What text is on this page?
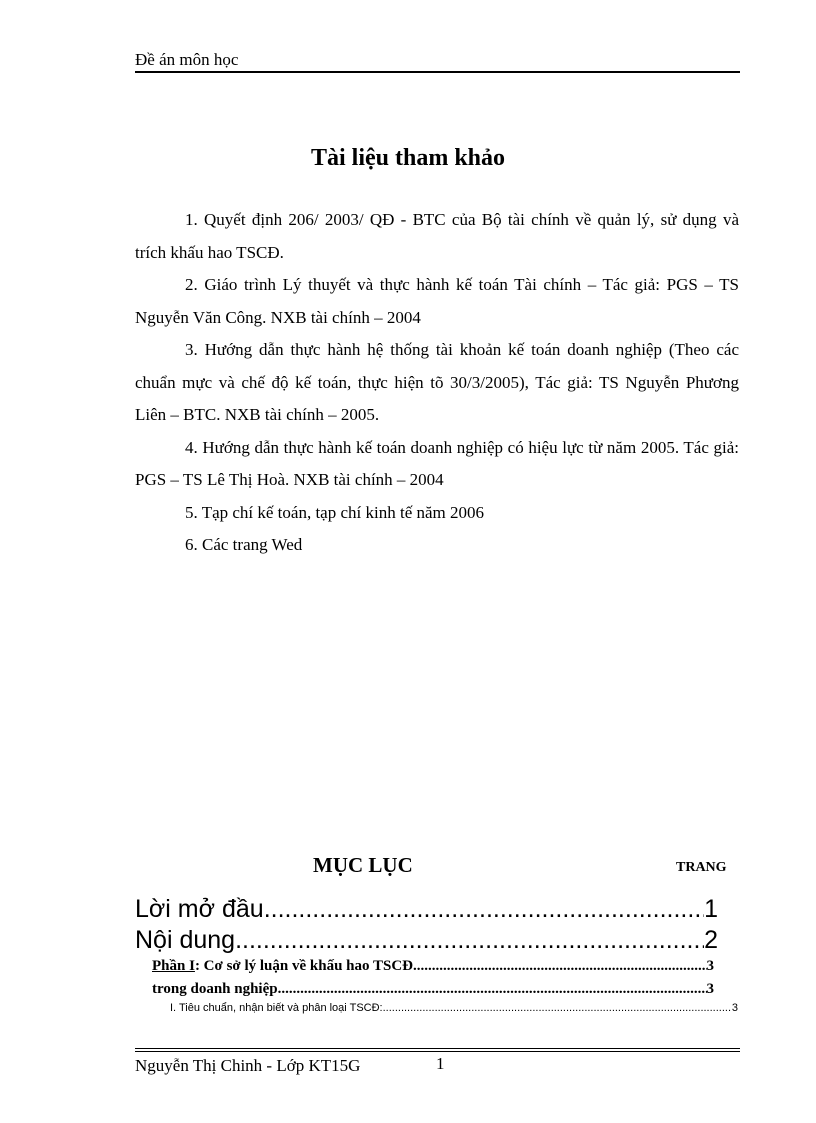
Đề án môn học
Tài liệu tham khảo

1. Quyết định 206/ 2003/ QĐ - BTC của Bộ tài chính về quản lý, sử dụng và trích khấu hao TSCĐ.

2. Giáo trình Lý thuyết và thực hành kế toán Tài chính – Tác giả: PGS – TS Nguyễn Văn Công. NXB tài chính – 2004

3. Hướng dẫn thực hành hệ thống tài khoản kế toán doanh nghiệp (Theo các chuẩn mực và chế độ kế toán, thực hiện tõ 30/3/2005), Tác giả: TS Nguyễn Phương Liên – BTC. NXB tài chính – 2005.

4. Hướng dẫn thực hành kế toán doanh nghiệp có hiệu lực từ năm 2005. Tác giả: PGS – TS Lê Thị Hoà. NXB tài chính – 2004

5. Tạp chí kế toán, tạp chí kinh tế năm 2006

6. Các trang Wed

MỤC LỤC	TRANG
Lời mở đầu .....	1
Nội dung .....	2
Phần I : Cơ sở lý luận về khấu hao TSCĐ .....	3
trong doanh nghiệp .....	3
I. Tiêu chuẩn, nhận biết và phân loại TSCĐ: .....	3
Nguyễn Thị Chinh - Lớp KT15G	1
